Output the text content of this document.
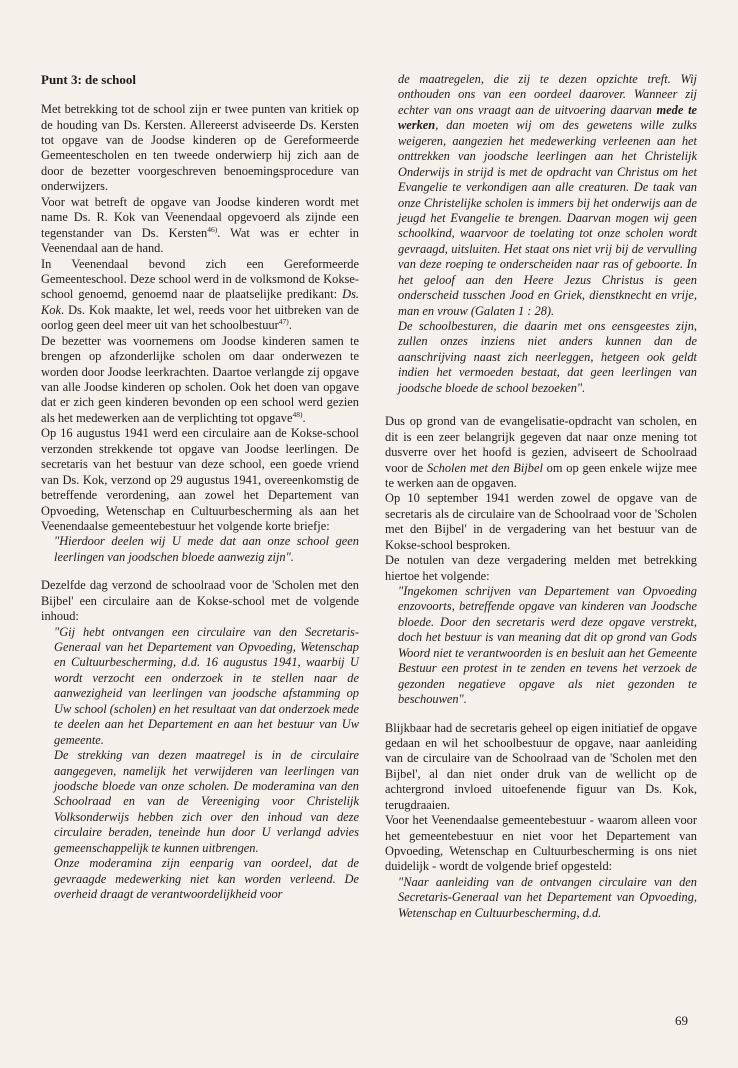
Punt 3: de school

Met betrekking tot de school zijn er twee punten van kritiek op de houding van Ds. Kersten. Allereerst adviseerde Ds. Kersten tot opgave van de Joodse kinderen op de Gereformeerde Gemeentescholen en ten tweede onderwierp hij zich aan de door de bezetter voorgeschreven benoemingsprocedure van onderwijzers.

Voor wat betreft de opgave van Joodse kinderen wordt met name Ds. R. Kok van Veenendaal opgevoerd als zijnde een tegenstander van Ds. Kersten$^{46)}$. Wat was er echter in Veenendaal aan de hand.

In Veenendaal bevond zich een Gereformeerde Gemeenteschool. Deze school werd in de volksmond de Kokse-school genoemd, genoemd naar de plaatselijke predikant: Ds. Kok. Ds. Kok maakte, let wel, reeds voor het uitbreken van de oorlog geen deel meer uit van het schoolbestuur$^{47)}$.

De bezetter was voornemens om Joodse kinderen samen te brengen op afzonderlijke scholen om daar onderwezen te worden door Joodse leerkrachten. Daartoe verlangde zij opgave van alle Joodse kinderen op scholen. Ook het doen van opgave dat er zich geen kinderen bevonden op een school werd gezien als het medewerken aan de verplichting tot opgave$^{48)}$.

Op 16 augustus 1941 werd een circulaire aan de Kokse-school verzonden strekkende tot opgave van Joodse leerlingen. De secretaris van het bestuur van deze school, een goede vriend van Ds. Kok, verzond op 29 augustus 1941, overeenkomstig de betreffende verordening, aan zowel het Departement van Opvoeding, Wetenschap en Cultuurbescherming als aan het Veenendaalse gemeentebestuur het volgende korte briefje:

"Hierdoor deelen wij U mede dat aan onze school geen leerlingen van joodschen bloede aanwezig zijn".

Dezelfde dag verzond de schoolraad voor de 'Scholen met den Bijbel' een circulaire aan de Kokse-school met de volgende inhoud:

"Gij hebt ontvangen een circulaire van den Secretaris-Generaal van het Departement van Opvoeding, Wetenschap en Cultuurbescherming, d.d. 16 augustus 1941, waarbij U wordt verzocht een onderzoek in te stellen naar de aanwezigheid van leerlingen van joodsche afstamming op Uw school (scholen) en het resultaat van dat onderzoek mede te deelen aan het Departement en aan het bestuur van Uw gemeente.

De strekking van dezen maatregel is in de circulaire aangegeven, namelijk het verwijderen van leerlingen van joodsche bloede van onze scholen. De moderamina van den Schoolraad en van de Vereeniging voor Christelijk Volksonderwijs hebben zich over den inhoud van deze circulaire beraden, teneinde hun door U verlangd advies gemeenschappelijk te kunnen uitbrengen.

Onze moderamina zijn eenparig van oordeel, dat de gevraagde medewerking niet kan worden verleend. De overheid draagt de verantwoordelijkheid voor

de maatregelen, die zij te dezen opzichte treft. Wij onthouden ons van een oordeel daarover. Wanneer zij echter van ons vraagt aan de uitvoering daarvan mede te werken, dan moeten wij om des gewetens wille zulks weigeren, aangezien het medewerking verleenen aan het onttrekken van joodsche leerlingen aan het Christelijk Onderwijs in strijd is met de opdracht van Christus om het Evangelie te verkondigen aan alle creaturen. De taak van onze Christelijke scholen is immers bij het onderwijs aan de jeugd het Evangelie te brengen. Daarvan mogen wij geen schoolkind, waarvoor de toelating tot onze scholen wordt gevraagd, uitsluiten. Het staat ons niet vrij bij de vervulling van deze roeping te onderscheiden naar ras of geboorte. In het geloof aan den Heere Jezus Christus is geen onderscheid tusschen Jood en Griek, dienstknecht en vrije, man en vrouw (Galaten 1 : 28).

De schoolbesturen, die daarin met ons eensgeestes zijn, zullen onzes inziens niet anders kunnen dan de aanschrijving naast zich neerleggen, hetgeen ook geldt indien het vermoeden bestaat, dat geen leerlingen van joodsche bloede de school bezoeken".

Dus op grond van de evangelisatie-opdracht van scholen, en dit is een zeer belangrijk gegeven dat naar onze mening tot dusverre over het hoofd is gezien, adviseert de Schoolraad voor de Scholen met den Bijbel om op geen enkele wijze mee te werken aan de opgaven.

Op 10 september 1941 werden zowel de opgave van de secretaris als de circulaire van de Schoolraad voor de 'Scholen met den Bijbel' in de vergadering van het bestuur van de Kokse-school besproken.

De notulen van deze vergadering melden met betrekking hiertoe het volgende:

"Ingekomen schrijven van Departement van Opvoeding enzovoorts, betreffende opgave van kinderen van Joodsche bloede. Door den secretaris werd deze opgave verstrekt, doch het bestuur is van meaning dat dit op grond van Gods Woord niet te verantwoorden is en besluit aan het Gemeente Bestuur een protest in te zenden en tevens het verzoek de gezonden negatieve opgave als niet gezonden te beschouwen".

Blijkbaar had de secretaris geheel op eigen initiatief de opgave gedaan en wil het schoolbestuur de opgave, naar aanleiding van de circulaire van de Schoolraad van de 'Scholen met den Bijbel', al dan niet onder druk van de wellicht op de achtergrond invloed uitoefenende figuur van Ds. Kok, terugdraaien.

Voor het Veenendaalse gemeentebestuur - waarom alleen voor het gemeentebestuur en niet voor het Departement van Opvoeding, Wetenschap en Cultuurbescherming is ons niet duidelijk - wordt de volgende brief opgesteld:

"Naar aanleiding van de ontvangen circulaire van den Secretaris-Generaal van het Departement van Opvoeding, Wetenschap en Cultuurbescherming, d.d.

69
